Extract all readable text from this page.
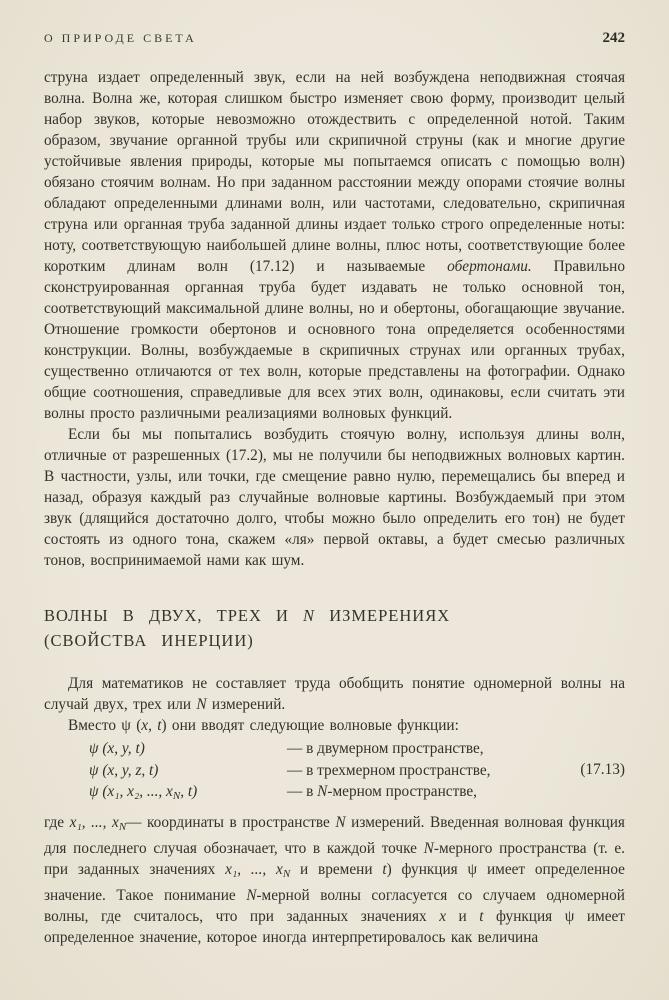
О ПРИРОДЕ СВЕТА	242

струна издает определенный звук, если на ней возбуждена неподвижная стоячая волна. Волна же, которая слишком быстро изменяет свою форму, производит целый набор звуков, которые невозможно отождествить с определенной нотой. Таким образом, звучание органной трубы или скрипичной струны (как и многие другие устойчивые явления природы, которые мы попытаемся описать с помощью волн) обязано стоячим волнам. Но при заданном расстоянии между опорами стоячие волны обладают определенными длинами волн, или частотами, следовательно, скрипичная струна или органная труба заданной длины издает только строго определенные ноты: ноту, соответствующую наибольшей длине волны, плюс ноты, соответствующие более коротким длинам волн (17.12) и называемые обертонами. Правильно сконструированная органная труба будет издавать не только основной тон, соответствующий максимальной длине волны, но и обертоны, обогащающие звучание. Отношение громкости обертонов и основного тона определяется особенностями конструкции. Волны, возбуждаемые в скрипичных струнах или органных трубах, существенно отличаются от тех волн, которые представлены на фотографии. Однако общие соотношения, справедливые для всех этих волн, одинаковы, если считать эти волны просто различными реализациями волновых функций.

Если бы мы попытались возбудить стоячую волну, используя длины волн, отличные от разрешенных (17.2), мы не получили бы неподвижных волновых картин. В частности, узлы, или точки, где смещение равно нулю, перемещались бы вперед и назад, образуя каждый раз случайные волновые картины. Возбуждаемый при этом звук (длящийся достаточно долго, чтобы можно было определить его тон) не будет состоять из одного тона, скажем «ля» первой октавы, а будет смесью различных тонов, воспринимаемой нами как шум.

ВОЛНЫ В ДВУХ, ТРЕХ И N ИЗМЕРЕНИЯХ
(СВОЙСТВА ИНЕРЦИИ)

Для математиков не составляет труда обобщить понятие одномерной волны на случай двух, трех или N измерений.

Вместо ψ (x, t) они вводят следующие волновые функции:

ψ (x, y, t)	— в двумерном пространстве,
ψ (x, y, z, t)	— в трехмерном пространстве,
ψ (x₁, x₂, ..., $x_N$, t)	— в N-мерном пространстве,
(17.13)

где x₁, ..., $x_N—$ координаты в пространстве N измерений. Введенная волновая функция для последнего случая обозначает, что в каждой точке N-мерного пространства (т. е. при заданных значениях x₁, ..., $x_N$ и времени t) функция ψ имеет определенное значение. Такое понимание N-мерной волны согласуется со случаем одномерной волны, где считалось, что при заданных значениях x и t функция ψ имеет определенное значение, которое иногда интерпретировалось как величина
